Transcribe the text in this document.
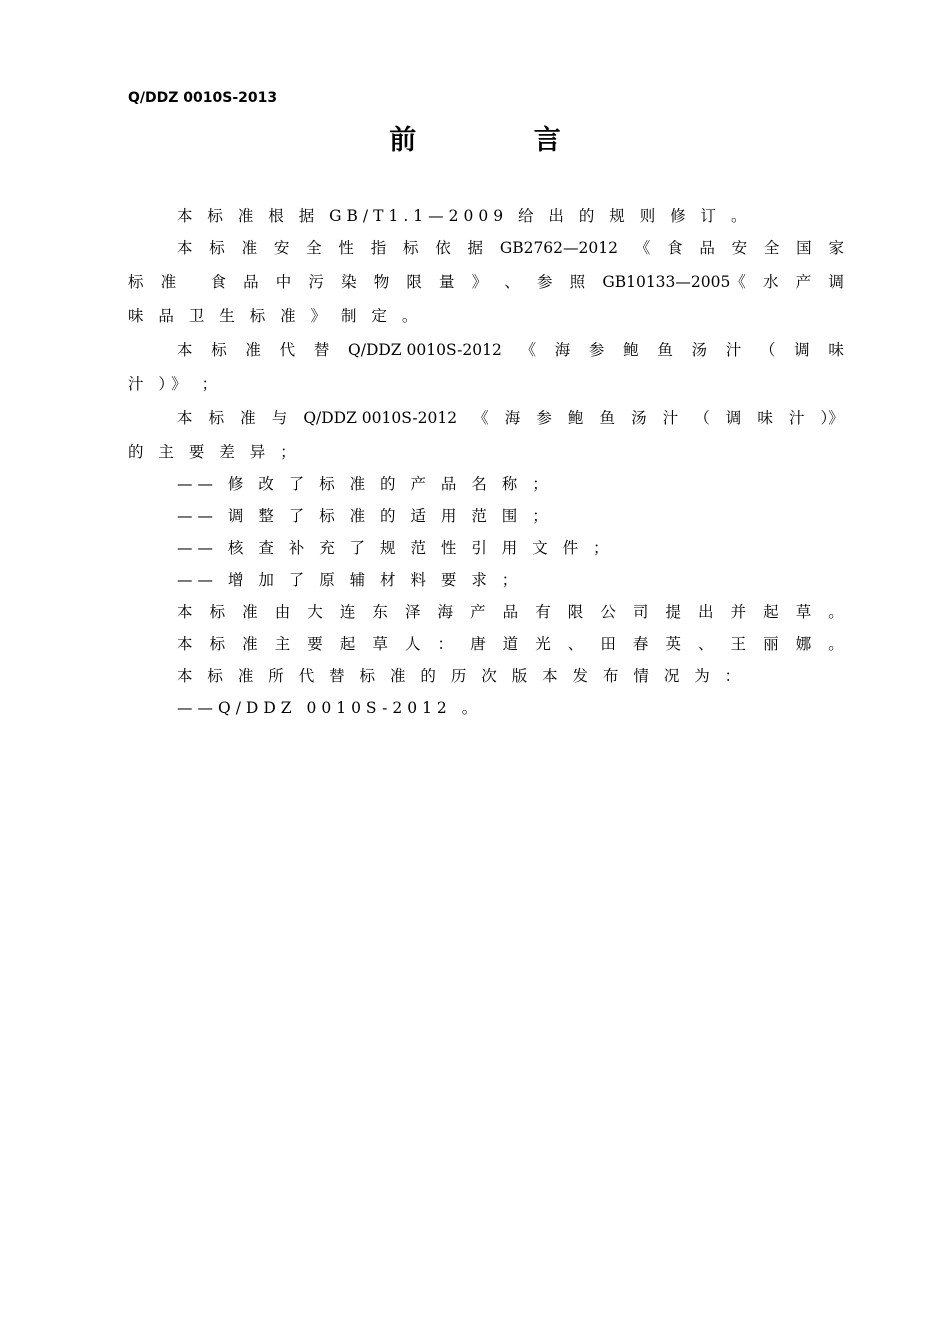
Q/DDZ 0010S-2013
前 言
本 标 准 根 据 GB/T1.1—2009 给 出 的 规 则 修 订 。
本 标 准 安 全 性 指 标 依 据 GB2762—2012 《 食 品 安 全 国 家
标 准 食 品 中 污 染 物 限 量 》 、 参 照 GB10133—2005《 水 产 调
味 品 卫 生 标 准 》 制 定 。
本 标 准 代 替 Q/DDZ 0010S-2012 《 海 参 鲍 鱼 汤 汁 （ 调 味
汁 ）》 ；
本 标 准 与 Q/DDZ 0010S-2012 《 海 参 鲍 鱼 汤 汁 （ 调 味 汁 ）》
的 主 要 差 异 ；
—— 修 改 了 标 准 的 产 品 名 称 ；
—— 调 整 了 标 准 的 适 用 范 围 ；
—— 核 查 补 充 了 规 范 性 引 用 文 件 ；
—— 增 加 了 原 辅 材 料 要 求 ；
本 标 准 由 大 连 东 泽 海 产 品 有 限 公 司 提 出 并 起 草 。
本 标 准 主 要 起 草 人 ： 唐 道 光 、 田 春 英 、 王 丽 娜 。
本 标 准 所 代 替 标 准 的 历 次 版 本 发 布 情 况 为 ：
——Q/DDZ 0010S-2012 。
